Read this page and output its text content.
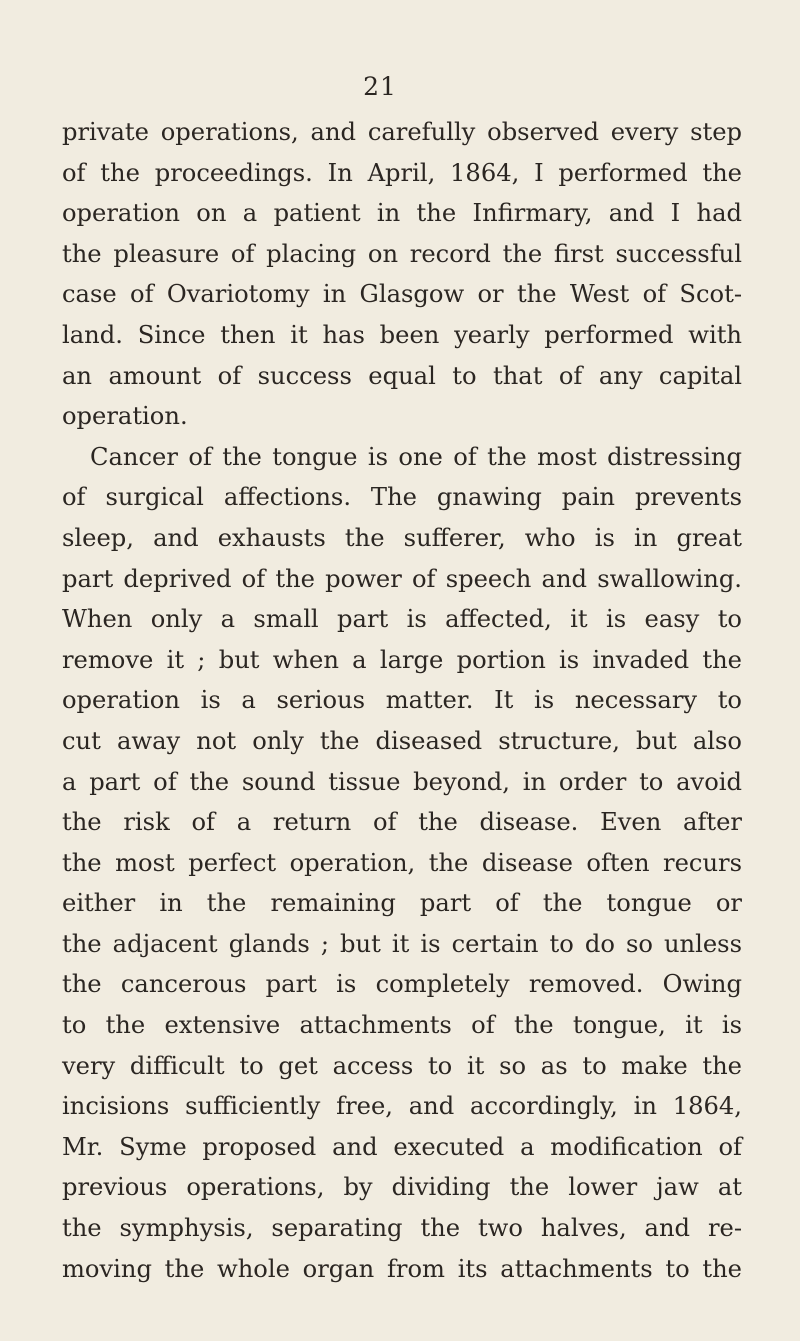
21
private operations, and carefully observed every step
of the proceedings. In April, 1864, I performed the
operation on a patient in the Infirmary, and I had
the pleasure of placing on record the first successful
case of Ovariotomy in Glasgow or the West of Scot-
land. Since then it has been yearly performed with
an amount of success equal to that of any capital
operation.
Cancer of the tongue is one of the most distressing
of surgical affections. The gnawing pain prevents
sleep, and exhausts the sufferer, who is in great
part deprived of the power of speech and swallowing.
When only a small part is affected, it is easy to
remove it ; but when a large portion is invaded the
operation is a serious matter. It is necessary to
cut away not only the diseased structure, but also
a part of the sound tissue beyond, in order to avoid
the risk of a return of the disease. Even after
the most perfect operation, the disease often recurs
either in the remaining part of the tongue or
the adjacent glands ; but it is certain to do so unless
the cancerous part is completely removed. Owing
to the extensive attachments of the tongue, it is
very difficult to get access to it so as to make the
incisions sufficiently free, and accordingly, in 1864,
Mr. Syme proposed and executed a modification of
previous operations, by dividing the lower jaw at
the symphysis, separating the two halves, and re-
moving the whole organ from its attachments to the
